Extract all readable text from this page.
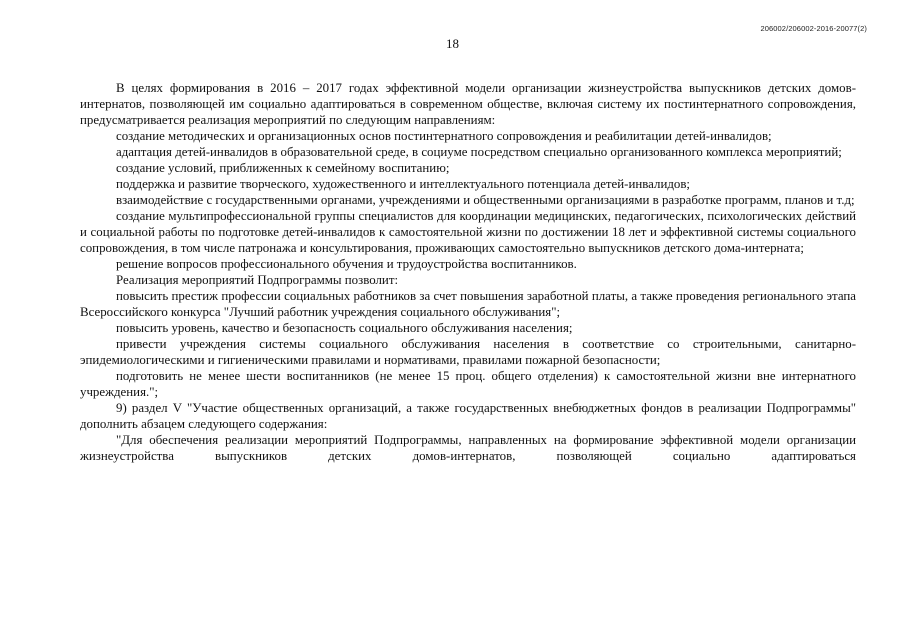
206002/206002-2016-20077(2)
18

В целях формирования в 2016 – 2017 годах эффективной модели организации жизнеустройства выпускников детских домов-интернатов, позволяющей им социально адаптироваться в современном обществе, включая систему их постинтернатного сопровождения, предусматривается реализация мероприятий по следующим направлениям:

создание методических и организационных основ постинтернатного сопровождения и реабилитации детей-инвалидов;

адаптация детей-инвалидов в образовательной среде, в социуме посредством специально организованного комплекса мероприятий;

создание условий, приближенных к семейному воспитанию;

поддержка и развитие творческого, художественного и интеллектуального потенциала детей-инвалидов;

взаимодействие с государственными органами, учреждениями и общественными организациями в разработке программ, планов и т.д;

создание мультипрофессиональной группы специалистов для координации медицинских, педагогических, психологических действий и социальной работы по подготовке детей-инвалидов к самостоятельной жизни по достижении 18 лет и эффективной системы социального сопровождения, в том числе патронажа и консультирования, проживающих самостоятельно выпускников детского дома-интерната;

решение вопросов профессионального обучения и трудоустройства воспитанников.

Реализация мероприятий Подпрограммы позволит:

повысить престиж профессии социальных работников за счет повышения заработной платы, а также проведения регионального этапа Всероссийского конкурса "Лучший работник учреждения социального обслуживания";

повысить уровень, качество и безопасность социального обслуживания населения;

привести учреждения системы социального обслуживания населения в соответствие со строительными, санитарно-эпидемиологическими и гигиеническими правилами и нормативами, правилами пожарной безопасности;

подготовить не менее шести воспитанников (не менее 15 проц. общего отделения) к самостоятельной жизни вне интернатного учреждения.";

9) раздел V "Участие общественных организаций, а также государственных внебюджетных фондов в реализации Подпрограммы" дополнить абзацем следующего содержания:

"Для обеспечения реализации мероприятий Подпрограммы, направленных на формирование эффективной модели организации жизнеустройства выпускников детских домов-интернатов, позволяющей социально адаптироваться
